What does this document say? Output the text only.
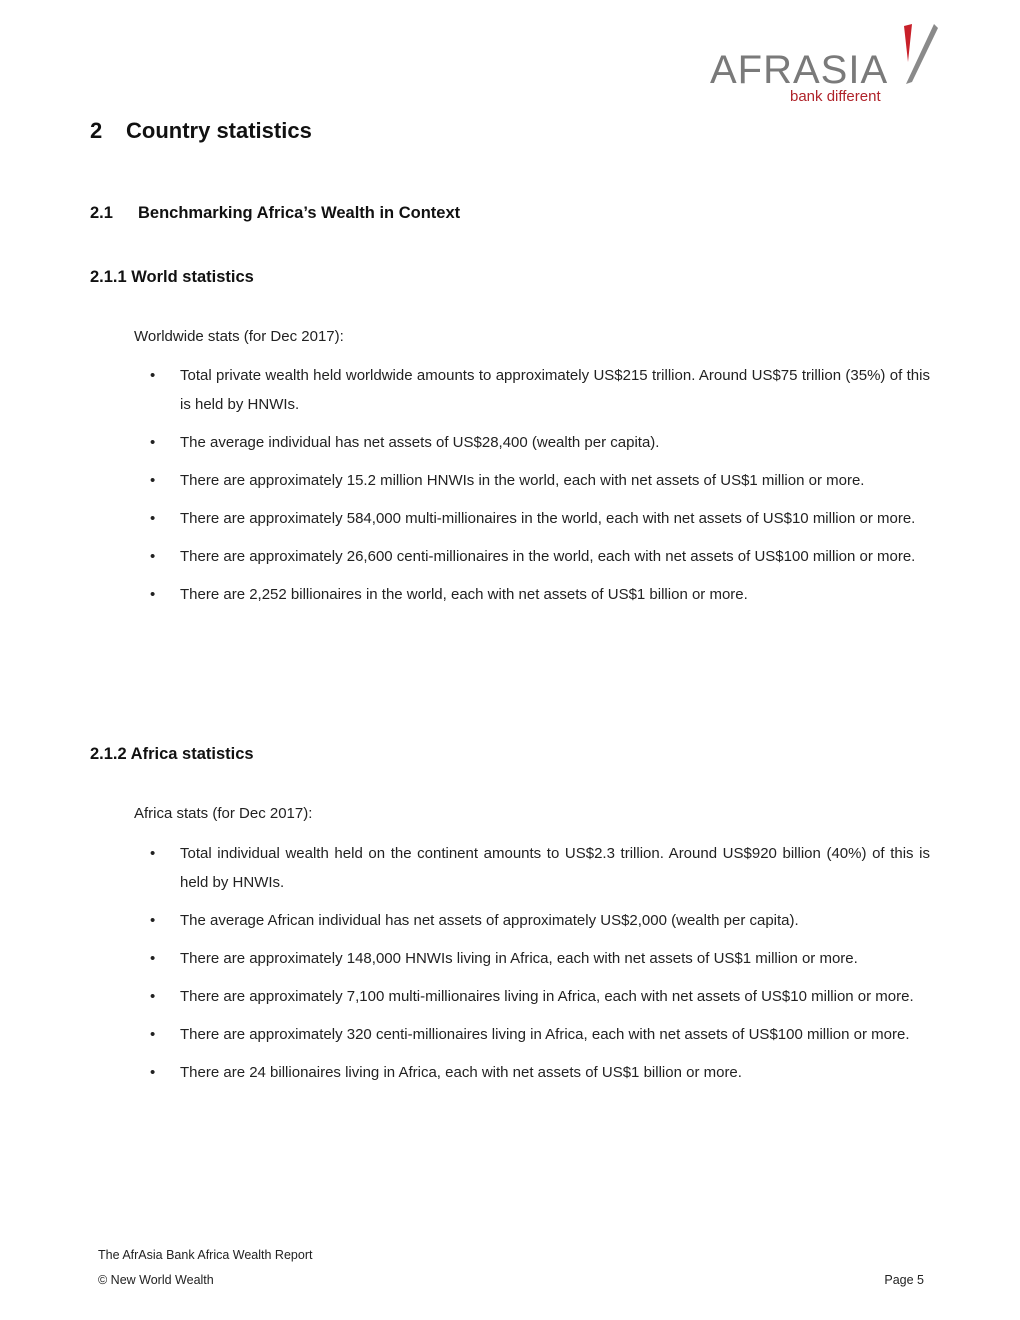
AFRASIA
bank different
2 Country statistics
2.1 Benchmarking Africa’s Wealth in Context
2.1.1 World statistics
Worldwide stats (for Dec 2017):
•	Total private wealth held worldwide amounts to approximately US$215 trillion. Around US$75 trillion (35%) of this is held by HNWIs.
•	The average individual has net assets of US$28,400 (wealth per capita).
•	There are approximately 15.2 million HNWIs in the world, each with net assets of US$1 million or more.
•	There are approximately 584,000 multi-millionaires in the world, each with net assets of US$10 million or more.
•	There are approximately 26,600 centi-millionaires in the world, each with net assets of US$100 million or more.
•	There are 2,252 billionaires in the world, each with net assets of US$1 billion or more.
2.1.2 Africa statistics
Africa stats (for Dec 2017):
•	Total individual wealth held on the continent amounts to US$2.3 trillion. Around US$920 billion (40%) of this is held by HNWIs.
•	The average African individual has net assets of approximately US$2,000 (wealth per capita).
•	There are approximately 148,000 HNWIs living in Africa, each with net assets of US$1 million or more.
•	There are approximately 7,100 multi-millionaires living in Africa, each with net assets of US$10 million or more.
•	There are approximately 320 centi-millionaires living in Africa, each with net assets of US$100 million or more.
•	There are 24 billionaires living in Africa, each with net assets of US$1 billion or more.
The AfrAsia Bank Africa Wealth Report
© New World Wealth	Page 5
